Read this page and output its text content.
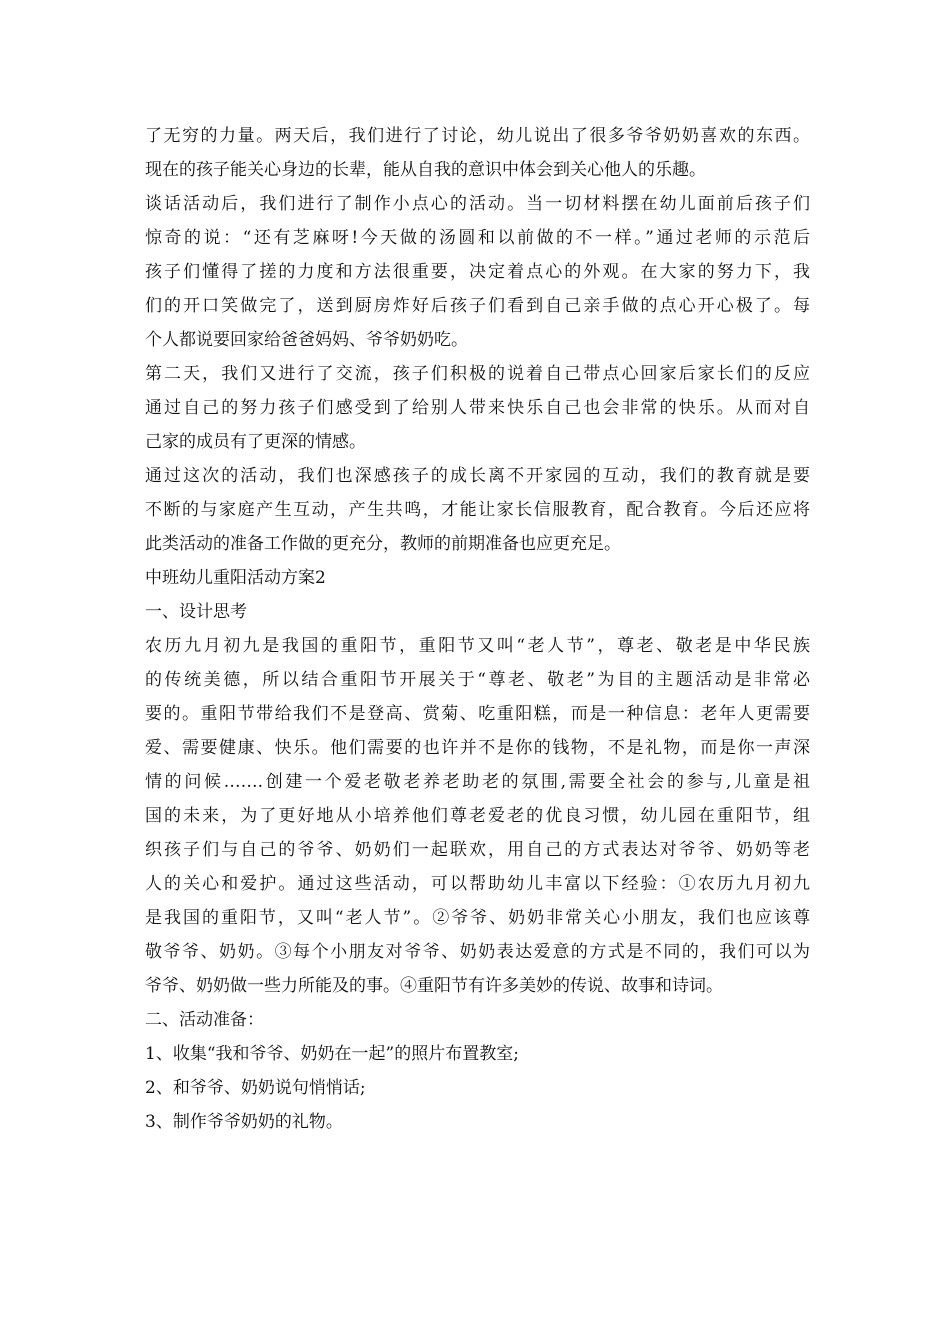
了无穷的力量。两天后，我们进行了讨论，幼儿说出了很多爷爷奶奶喜欢的东西。
现在的孩子能关心身边的长辈，能从自我的意识中体会到关心他人的乐趣。
谈话活动后，我们进行了制作小点心的活动。当一切材料摆在幼儿面前后孩子们
惊奇的说：“还有芝麻呀!今天做的汤圆和以前做的不一样。”通过老师的示范后
孩子们懂得了搓的力度和方法很重要，决定着点心的外观。在大家的努力下，我
们的开口笑做完了，送到厨房炸好后孩子们看到自己亲手做的点心开心极了。每
个人都说要回家给爸爸妈妈、爷爷奶奶吃。
第二天，我们又进行了交流，孩子们积极的说着自己带点心回家后家长们的反应
通过自己的努力孩子们感受到了给别人带来快乐自己也会非常的快乐。从而对自
己家的成员有了更深的情感。
通过这次的活动，我们也深感孩子的成长离不开家园的互动，我们的教育就是要
不断的与家庭产生互动，产生共鸣，才能让家长信服教育，配合教育。今后还应将
此类活动的准备工作做的更充分，教师的前期准备也应更充足。
中班幼儿重阳活动方案2
一、设计思考
农历九月初九是我国的重阳节，重阳节又叫“老人节”，尊老、敬老是中华民族
的传统美德，所以结合重阳节开展关于“尊老、敬老”为目的主题活动是非常必
要的。重阳节带给我们不是登高、赏菊、吃重阳糕，而是一种信息：老年人更需要
爱、需要健康、快乐。他们需要的也许并不是你的钱物，不是礼物，而是你一声深
情的问候…….创建一个爱老敬老养老助老的氛围,需要全社会的参与,儿童是祖
国的未来，为了更好地从小培养他们尊老爱老的优良习惯，幼儿园在重阳节，组
织孩子们与自己的爷爷、奶奶们一起联欢，用自己的方式表达对爷爷、奶奶等老
人的关心和爱护。通过这些活动，可以帮助幼儿丰富以下经验：①农历九月初九
是我国的重阳节，又叫“老人节”。②爷爷、奶奶非常关心小朋友，我们也应该尊
敬爷爷、奶奶。③每个小朋友对爷爷、奶奶表达爱意的方式是不同的，我们可以为
爷爷、奶奶做一些力所能及的事。④重阳节有许多美妙的传说、故事和诗词。
二、活动准备：
1、收集“我和爷爷、奶奶在一起”的照片布置教室;
2、和爷爷、奶奶说句悄悄话;
3、制作爷爷奶奶的礼物。
